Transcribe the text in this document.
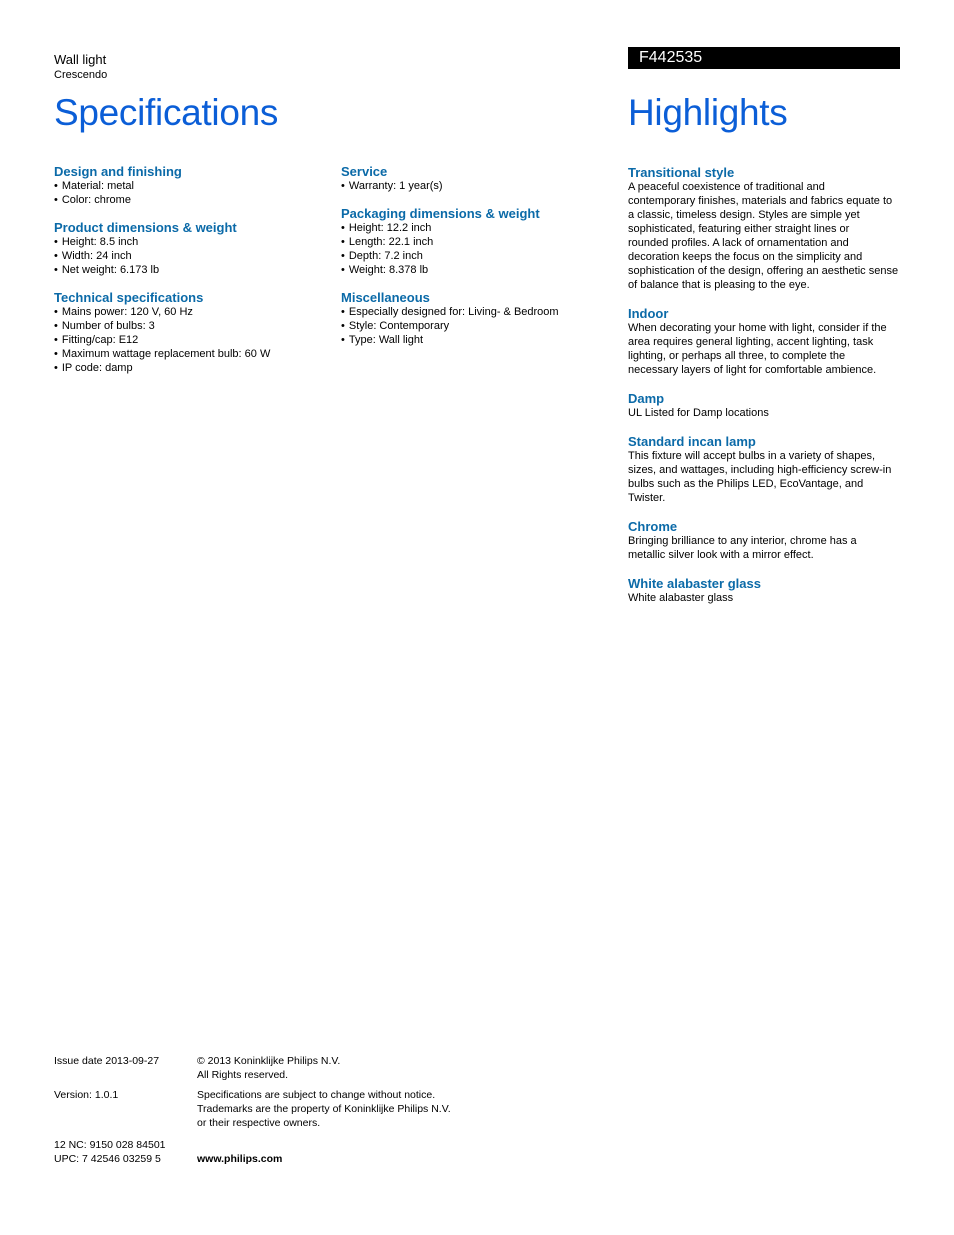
Wall light
Crescendo
F442535
Specifications	Highlights
Design and finishing
• Material: metal
• Color: chrome
Product dimensions & weight
• Height: 8.5 inch
• Width: 24 inch
• Net weight: 6.173 lb
Technical specifications
• Mains power: 120 V, 60 Hz
• Number of bulbs: 3
• Fitting/cap: E12
• Maximum wattage replacement bulb: 60 W
• IP code: damp
Service
• Warranty: 1 year(s)
Packaging dimensions & weight
• Height: 12.2 inch
• Length: 22.1 inch
• Depth: 7.2 inch
• Weight: 8.378 lb
Miscellaneous
• Especially designed for: Living- & Bedroom
• Style: Contemporary
• Type: Wall light
Transitional style
A peaceful coexistence of traditional and
contemporary finishes, materials and fabrics equate to
a classic, timeless design. Styles are simple yet
sophisticated, featuring either straight lines or
rounded profiles. A lack of ornamentation and
decoration keeps the focus on the simplicity and
sophistication of the design, offering an aesthetic sense
of balance that is pleasing to the eye.
Indoor
When decorating your home with light, consider if the
area requires general lighting, accent lighting, task
lighting, or perhaps all three, to complete the
necessary layers of light for comfortable ambience.
Damp
UL Listed for Damp locations
Standard incan lamp
This fixture will accept bulbs in a variety of shapes,
sizes, and wattages, including high-efficiency screw-in
bulbs such as the Philips LED, EcoVantage, and
Twister.
Chrome
Bringing brilliance to any interior, chrome has a
metallic silver look with a mirror effect.
White alabaster glass
White alabaster glass
Issue date 2013-09-27	© 2013 Koninklijke Philips N.V.
All Rights reserved.
Version: 1.0.1	Specifications are subject to change without notice.
Trademarks are the property of Koninklijke Philips N.V.
or their respective owners.
12 NC: 9150 028 84501
UPC: 7 42546 03259 5	www.philips.com
